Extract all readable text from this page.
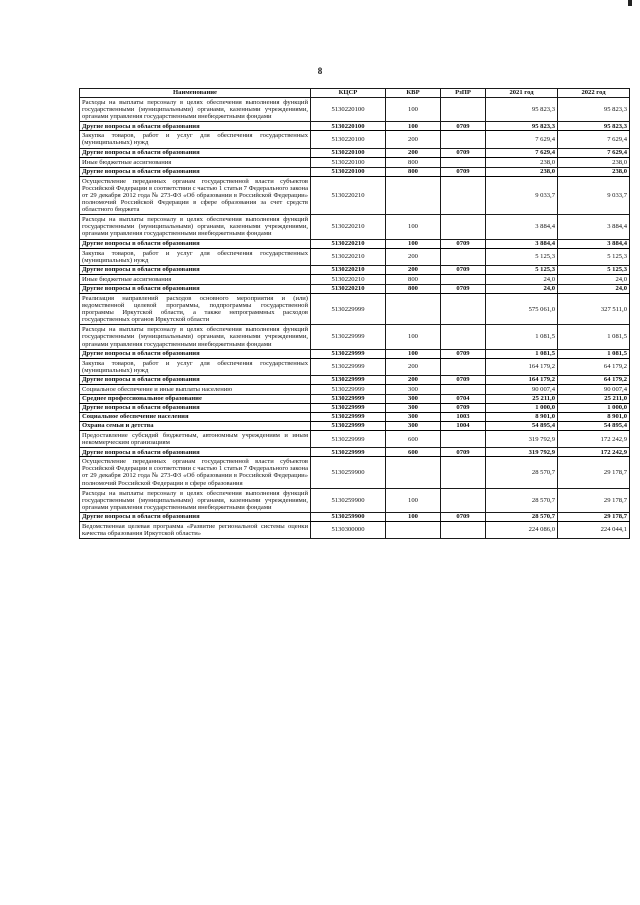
8
Наименование	КЦСР	КВР	РзПР	2021 год	2022 год
Расходы на выплаты персоналу в целях обеспечения выполнения функций государственными (муниципальными) органами, казенными учреждениями, органами управления государственными внебюджетными фондами	5130220100	100		95 823,3	95 823,3
Другие вопросы в области образования	5130220100	100	0709	95 823,3	95 823,3
Закупка товаров, работ и услуг для обеспечения государственных (муниципальных) нужд	5130220100	200		7 629,4	7 629,4
Другие вопросы в области образования	5130220100	200	0709	7 629,4	7 629,4
Иные бюджетные ассигнования	5130220100	800		238,0	238,0
Другие вопросы в области образования	5130220100	800	0709	238,0	238,0
Осуществление переданных органам государственной власти субъектов Российской Федерации в соответствии с частью 1 статьи 7 Федерального закона от 29 декабря 2012 года № 273-ФЗ «Об образовании в Российской Федерации» полномочий Российской Федерации в сфере образования за счет средств областного бюджета	5130220210			9 033,7	9 033,7
Расходы на выплаты персоналу в целях обеспечения выполнения функций государственными (муниципальными) органами, казенными учреждениями, органами управления государственными внебюджетными фондами	5130220210	100		3 884,4	3 884,4
Другие вопросы в области образования	5130220210	100	0709	3 884,4	3 884,4
Закупка товаров, работ и услуг для обеспечения государственных (муниципальных) нужд	5130220210	200		5 125,3	5 125,3
Другие вопросы в области образования	5130220210	200	0709	5 125,3	5 125,3
Иные бюджетные ассигнования	5130220210	800		24,0	24,0
Другие вопросы в области образования	5130220210	800	0709	24,0	24,0
Реализация направлений расходов основного мероприятия и (или) ведомственной целевой программы, подпрограммы государственной программы Иркутской области, а также непрограммных расходов государственных органов Иркутской области	5130229999			575 061,0	327 511,0
Расходы на выплаты персоналу в целях обеспечения выполнения функций государственными (муниципальными) органами, казенными учреждениями, органами управления государственными внебюджетными фондами	5130229999	100		1 081,5	1 081,5
Другие вопросы в области образования	5130229999	100	0709	1 081,5	1 081,5
Закупка товаров, работ и услуг для обеспечения государственных (муниципальных) нужд	5130229999	200		164 179,2	64 179,2
Другие вопросы в области образования	5130229999	200	0709	164 179,2	64 179,2
Социальное обеспечение и иные выплаты населению	5130229999	300		90 007,4	90 007,4
Среднее профессиональное образование	5130229999	300	0704	25 211,0	25 211,0
Другие вопросы в области образования	5130229999	300	0709	1 000,0	1 000,0
Социальное обеспечение населения	5130229999	300	1003	8 901,0	8 901,0
Охрана семьи и детства	5130229999	300	1004	54 895,4	54 895,4
Предоставление субсидий бюджетным, автономным учреждениям и иным некоммерческим организациям	5130229999	600		319 792,9	172 242,9
Другие вопросы в области образования	5130229999	600	0709	319 792,9	172 242,9
Осуществление переданных органам государственной власти субъектов Российской Федерации в соответствии с частью 1 статьи 7 Федерального закона от 29 декабря 2012 года № 273-ФЗ «Об образовании в Российской Федерации» полномочий Российской Федерации в сфере образования	5130259900			28 570,7	29 178,7
Расходы на выплаты персоналу в целях обеспечения выполнения функций государственными (муниципальными) органами, казенными учреждениями, органами управления государственными внебюджетными фондами	5130259900	100		28 570,7	29 178,7
Другие вопросы в области образования	5130259900	100	0709	28 570,7	29 178,7
Ведомственная целевая программа «Развитие региональной системы оценки качества образования Иркутской области»	5130300000			224 086,0	224 044,1
